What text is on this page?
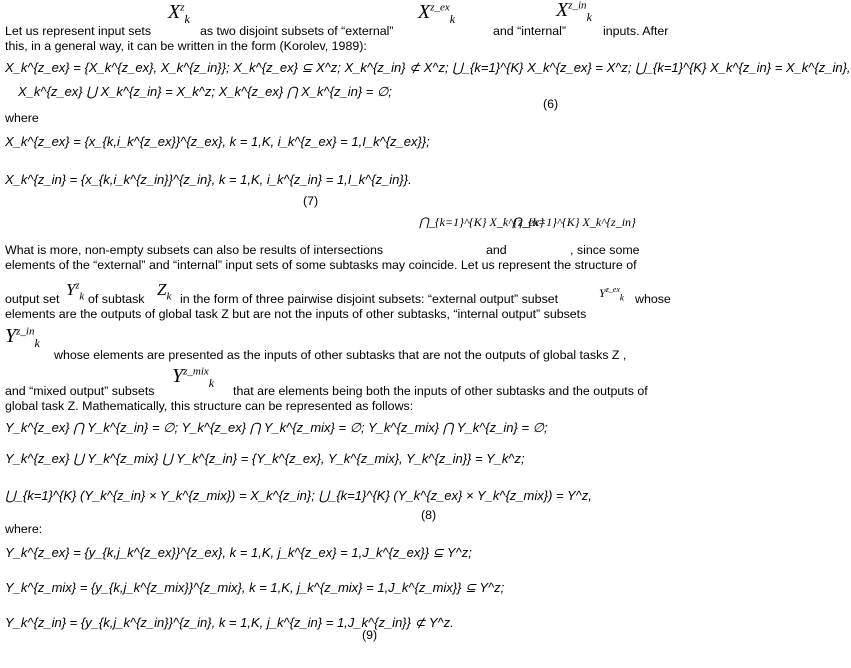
$X^z_k$	$X^{z\_ex}_k$	$X^{z\_in}_k$
Let us represent input sets	as two disjoint subsets of “external”	and “internal”	inputs. After
this, in a general way, it can be written in the form (Korolev, 1989):
X_k^{z_ex} = {X_k^{z_ex}, X_k^{z_in}}; X_k^{z_ex} ⊆ X^z; X_k^{z_in} ⊄ X^z; ⋃_{k=1}^{K} X_k^{z_ex} = X^z; ⋃_{k=1}^{K} X_k^{z_in} = X_k^{z_in},
X_k^{z_ex} ⋃ X_k^{z_in} = X_k^z; X_k^{z_ex} ⋂ X_k^{z_in} = ∅;
(6)
where
X_k^{z_ex} = {x_{k,i_k^{z_ex}}^{z_ex}, k = 1,K, i_k^{z_ex} = 1,I_k^{z_ex}};
X_k^{z_in} = {x_{k,i_k^{z_in}}^{z_in}, k = 1,K, i_k^{z_in} = 1,I_k^{z_in}}.
(7)
⋂_{k=1}^{K} X_k^{z_ex}
⋂_{k=1}^{K} X_k^{z_in}
What is more, non-empty subsets can also be results of intersections	and	, since some
elements of the “external” and “internal” input sets of some subtasks may coincide. Let us represent the structure of
output set $Y^z_k$ of subtask $Z_k$ in the form of three pairwise disjoint subsets: “external output” subset	$Y^{z\_ex}_k$ whose
elements are the outputs of global task Z but are not the inputs of other subtasks, “internal output” subsets
$Y^{z\_in}_k$
whose elements are presented as the inputs of other subtasks that are not the outputs of global tasks Z ,
$Y^{z\_mix}_k$
and “mixed output” subsets	that are elements being both the inputs of other subtasks and the outputs of
global task Z. Mathematically, this structure can be represented as follows:
Y_k^{z_ex} ⋂ Y_k^{z_in} = ∅; Y_k^{z_ex} ⋂ Y_k^{z_mix} = ∅; Y_k^{z_mix} ⋂ Y_k^{z_in} = ∅;
Y_k^{z_ex} ⋃ Y_k^{z_mix} ⋃ Y_k^{z_in} = {Y_k^{z_ex}, Y_k^{z_mix}, Y_k^{z_in}} = Y_k^z;
⋃_{k=1}^{K} (Y_k^{z_in} × Y_k^{z_mix}) = X_k^{z_in}; ⋃_{k=1}^{K} (Y_k^{z_ex} × Y_k^{z_mix}) = Y^z,
(8)
where:
Y_k^{z_ex} = {y_{k,j_k^{z_ex}}^{z_ex}, k = 1,K, j_k^{z_ex} = 1,J_k^{z_ex}} ⊆ Y^z;
Y_k^{z_mix} = {y_{k,j_k^{z_mix}}^{z_mix}, k = 1,K, j_k^{z_mix} = 1,J_k^{z_mix}} ⊆ Y^z;
Y_k^{z_in} = {y_{k,j_k^{z_in}}^{z_in}, k = 1,K, j_k^{z_in} = 1,J_k^{z_in}} ⊄ Y^z.
(9)
